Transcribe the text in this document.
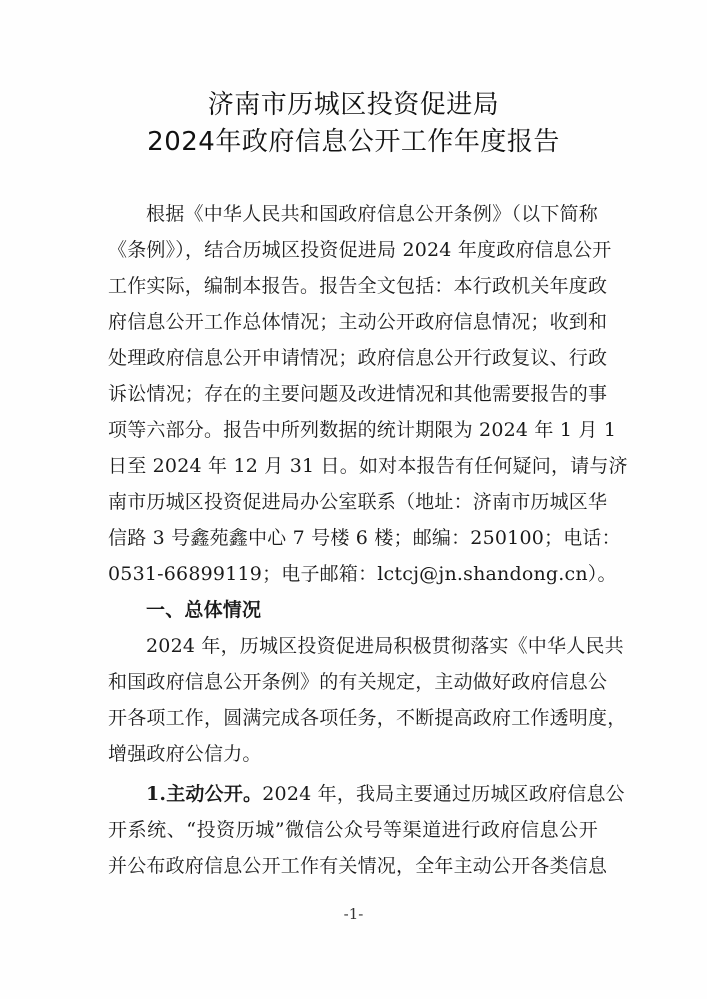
济南市历城区投资促进局
2024年政府信息公开工作年度报告
根据《中华人民共和国政府信息公开条例》（以下简称
《条例》），结合历城区投资促进局 2024 年度政府信息公开
工作实际，编制本报告。报告全文包括：本行政机关年度政
府信息公开工作总体情况；主动公开政府信息情况；收到和
处理政府信息公开申请情况；政府信息公开行政复议、行政
诉讼情况；存在的主要问题及改进情况和其他需要报告的事
项等六部分。报告中所列数据的统计期限为 2024 年 1 月 1
日至 2024 年 12 月 31 日。如对本报告有任何疑问，请与济
南市历城区投资促进局办公室联系（地址：济南市历城区华
信路 3 号鑫苑鑫中心 7 号楼 6 楼；邮编：250100；电话：
0531-66899119；电子邮箱：lctcj@jn.shandong.cn）。
一、总体情况
2024 年，历城区投资促进局积极贯彻落实《中华人民共
和国政府信息公开条例》的有关规定，主动做好政府信息公
开各项工作，圆满完成各项任务，不断提高政府工作透明度，
增强政府公信力。
1.主动公开。 2024 年，我局主要通过历城区政府信息公
开系统、“投资历城”微信公众号等渠道进行政府信息公开
并公布政府信息公开工作有关情况，全年主动公开各类信息
-1-
